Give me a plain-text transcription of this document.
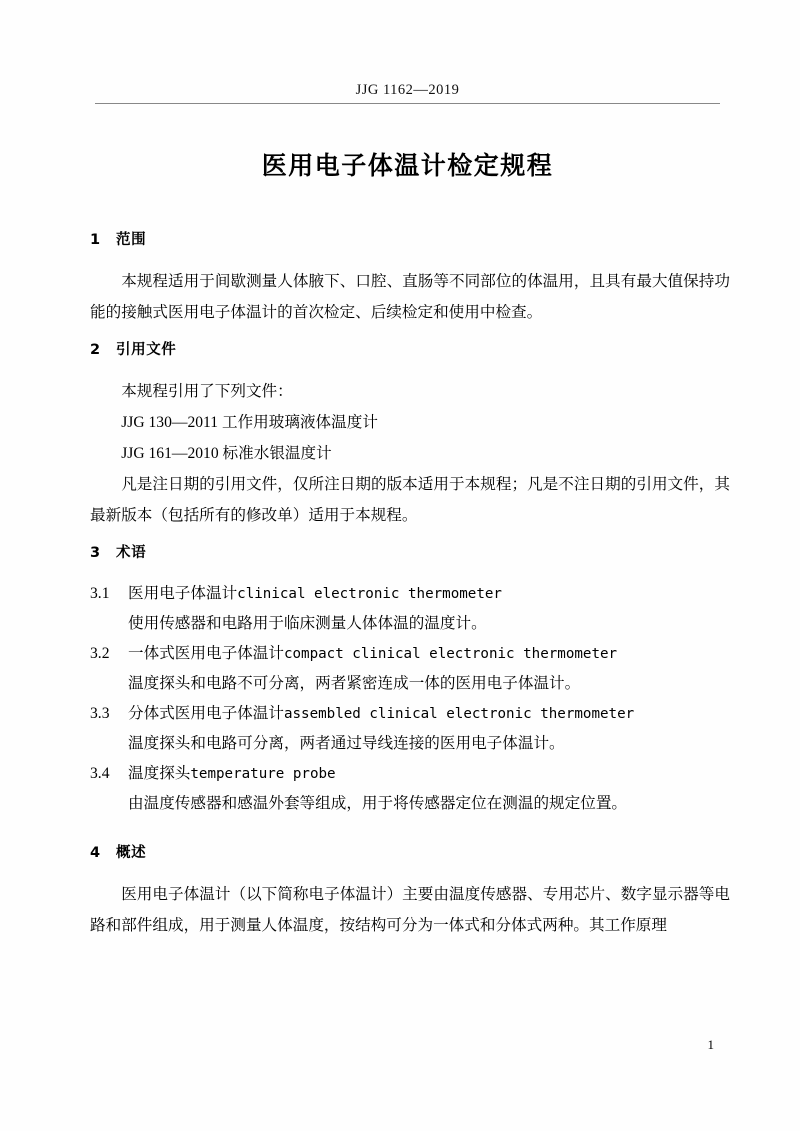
JJG 1162—2019
医用电子体温计检定规程

1 范围

本规程适用于间歇测量人体腋下、口腔、直肠等不同部位的体温用，且具有最大值保持功能的接触式医用电子体温计的首次检定、后续检定和使用中检查。

2 引用文件

本规程引用了下列文件：

JJG 130—2011 工作用玻璃液体温度计

JJG 161—2010 标准水银温度计

凡是注日期的引用文件，仅所注日期的版本适用于本规程；凡是不注日期的引用文件，其最新版本（包括所有的修改单）适用于本规程。

3 术语

3.1 医用电子体温计clinical electronic thermometer

使用传感器和电路用于临床测量人体体温的温度计。

3.2 一体式医用电子体温计compact clinical electronic thermometer

温度探头和电路不可分离，两者紧密连成一体的医用电子体温计。

3.3 分体式医用电子体温计assembled clinical electronic thermometer

温度探头和电路可分离，两者通过导线连接的医用电子体温计。

3.4 温度探头temperature probe

由温度传感器和感温外套等组成，用于将传感器定位在测温的规定位置。

4 概述

医用电子体温计（以下简称电子体温计）主要由温度传感器、专用芯片、数字显示器等电路和部件组成，用于测量人体温度，按结构可分为一体式和分体式两种。其工作原理

1
